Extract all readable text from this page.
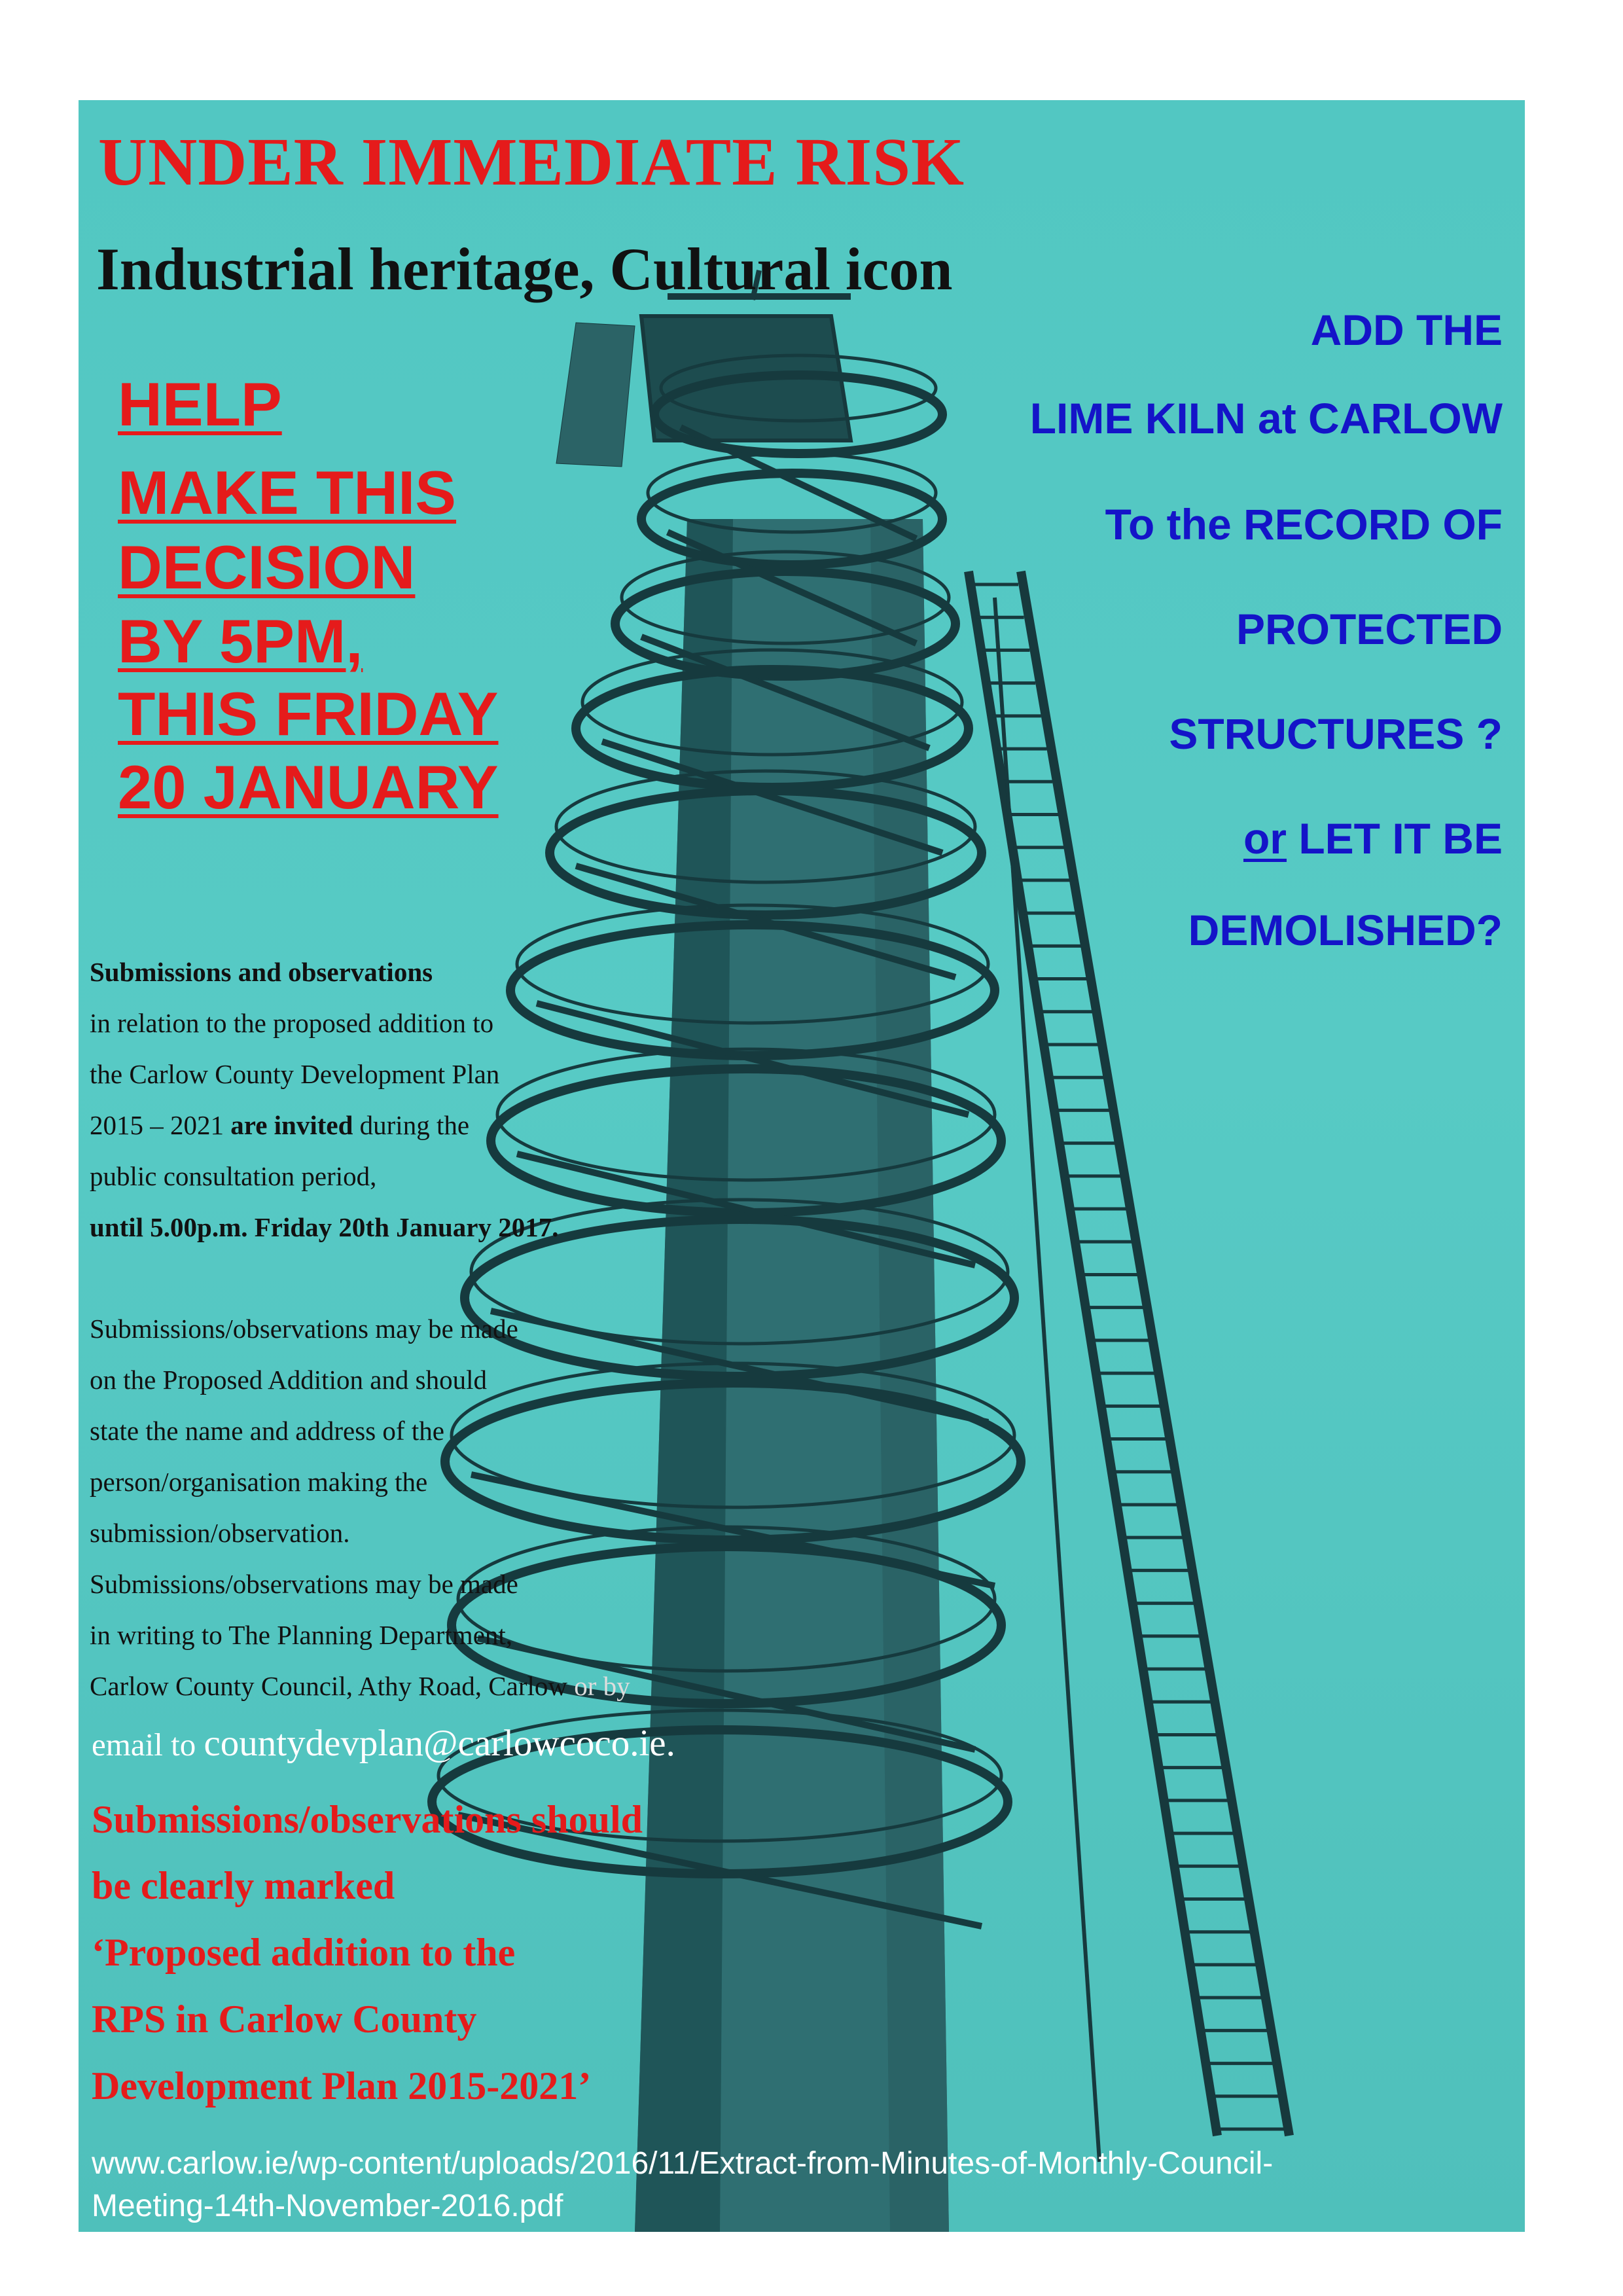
UNDER IMMEDIATE RISK
Industrial heritage, Cultural icon
HELP
MAKE THIS
DECISION
BY 5PM,
THIS FRIDAY
20 JANUARY
ADD THE
LIME KILN at CARLOW
To the RECORD OF
PROTECTED
STRUCTURES ?
or LET IT BE
DEMOLISHED?
Submissions and observations
in relation to the proposed addition to
the Carlow County Development Plan
2015 – 2021 are invited during the
public consultation period,
until 5.00p.m. Friday 20th January 2017.
Submissions/observations may be made
on the Proposed Addition and should
state the name and address of the
person/organisation making the
submission/observation.
Submissions/observations may be made
in writing to The Planning Department,
Carlow County Council, Athy Road, Carlow or by
email to countydevplan@carlowcoco.ie.
Submissions/observations should
be clearly marked
‘Proposed addition to the
RPS in Carlow County
Development Plan 2015-2021’
www.carlow.ie/wp-content/uploads/2016/11/Extract-from-Minutes-of-Monthly-Council-
Meeting-14th-November-2016.pdf
